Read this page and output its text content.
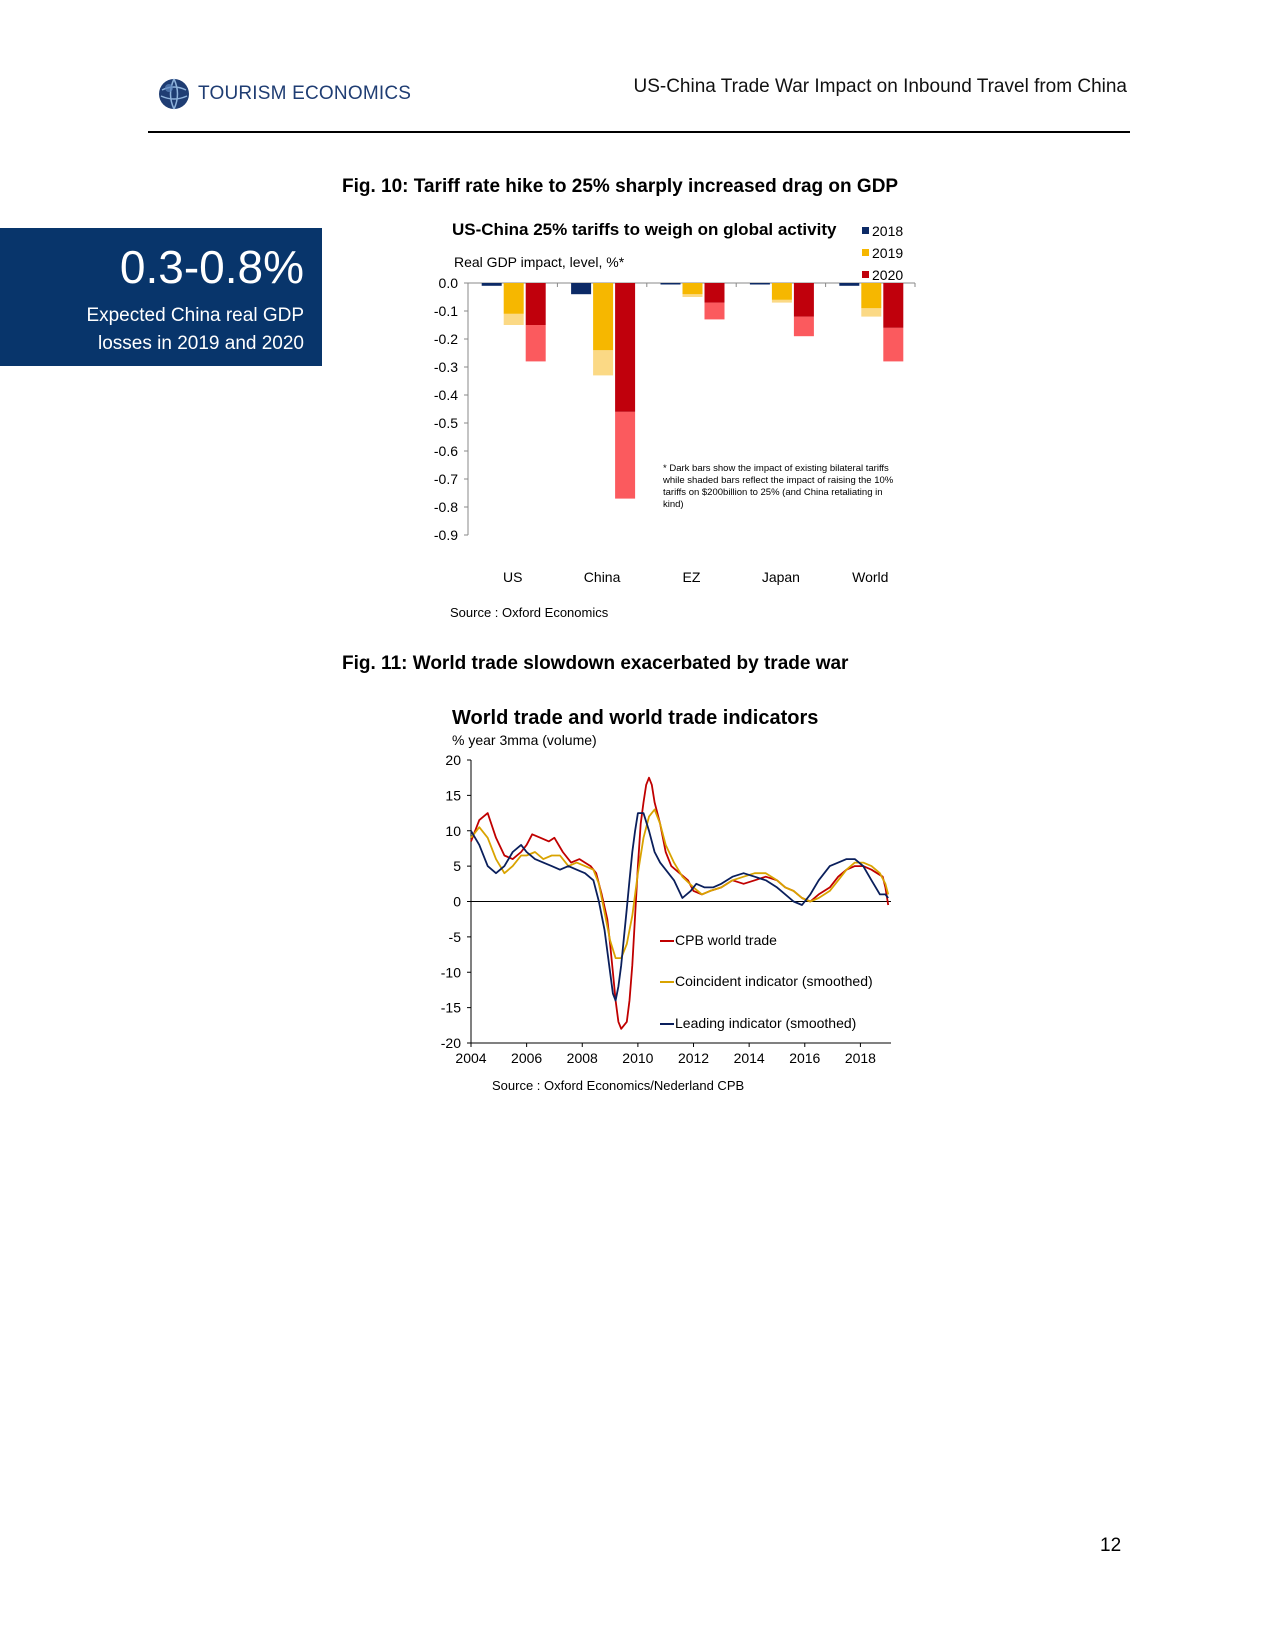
TOURISM ECONOMICS	US-China Trade War Impact on Inbound Travel from China
0.3-0.8%
Expected China real GDP
losses in 2019 and 2020
Fig. 10: Tariff rate hike to 25% sharply increased drag on GDP
US-China 25% tariffs to weigh on global activity
Real GDP impact, level, %*
2018
2019
2020
0.0
-0.1
-0.2
-0.3
-0.4
-0.5
-0.6
-0.7
-0.8
-0.9
US	China	EZ	Japan	World
* Dark bars show the impact of existing bilateral tariffs
while shaded bars reflect the impact of raising the 10%
tariffs on $200billion to 25% (and China retaliating in
kind)
Source : Oxford Economics
Fig. 11: World trade slowdown exacerbated by trade war
World trade and world trade indicators
% year 3mma (volume)
20
15
10
5
0
-5
-10
-15
-20
2004 2006 2008 2010 2012 2014 2016 2018
CPB world trade
Coincident indicator (smoothed)
Leading indicator (smoothed)
Source : Oxford Economics/Nederland CPB
12
